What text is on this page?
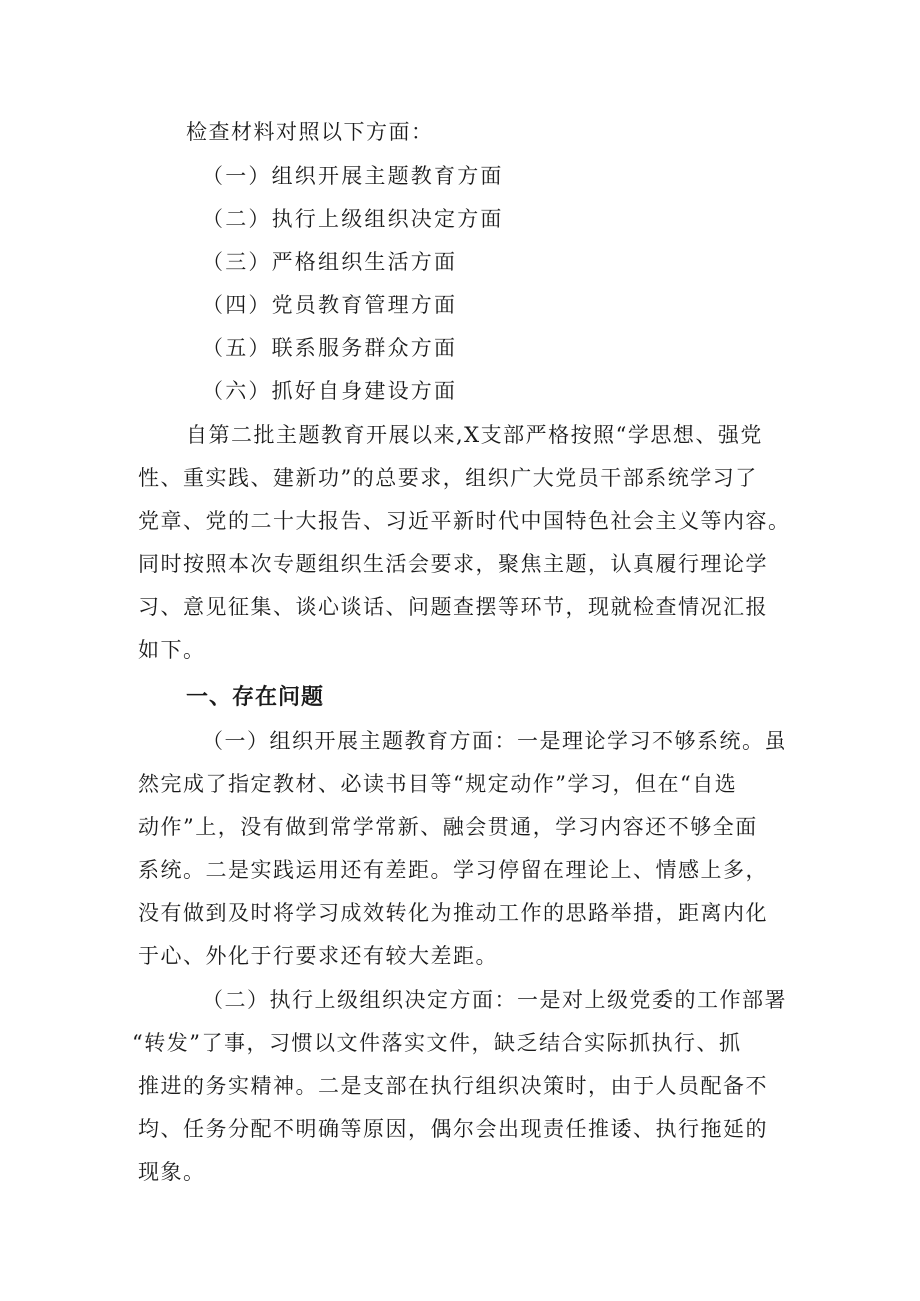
检查材料对照以下方面：

（一）组织开展主题教育方面

（二）执行上级组织决定方面

（三）严格组织生活方面

（四）党员教育管理方面

（五）联系服务群众方面

（六）抓好自身建设方面

自第二批主题教育开展以来,X支部严格按照“学思想、强党

性、重实践、建新功”的总要求，组织广大党员干部系统学习了

党章、党的二十大报告、习近平新时代中国特色社会主义等内容。

同时按照本次专题组织生活会要求，聚焦主题，认真履行理论学

习、意见征集、谈心谈话、问题查摆等环节，现就检查情况汇报

如下。

一、存在问题

（一）组织开展主题教育方面：一是理论学习不够系统。虽

然完成了指定教材、必读书目等“规定动作”学习，但在“自选

动作”上，没有做到常学常新、融会贯通，学习内容还不够全面

系统。二是实践运用还有差距。学习停留在理论上、情感上多，

没有做到及时将学习成效转化为推动工作的思路举措，距离内化

于心、外化于行要求还有较大差距。

（二）执行上级组织决定方面：一是对上级党委的工作部署

“转发”了事，习惯以文件落实文件，缺乏结合实际抓执行、抓

推进的务实精神。二是支部在执行组织决策时，由于人员配备不

均、任务分配不明确等原因，偶尔会出现责任推诿、执行拖延的

现象。
